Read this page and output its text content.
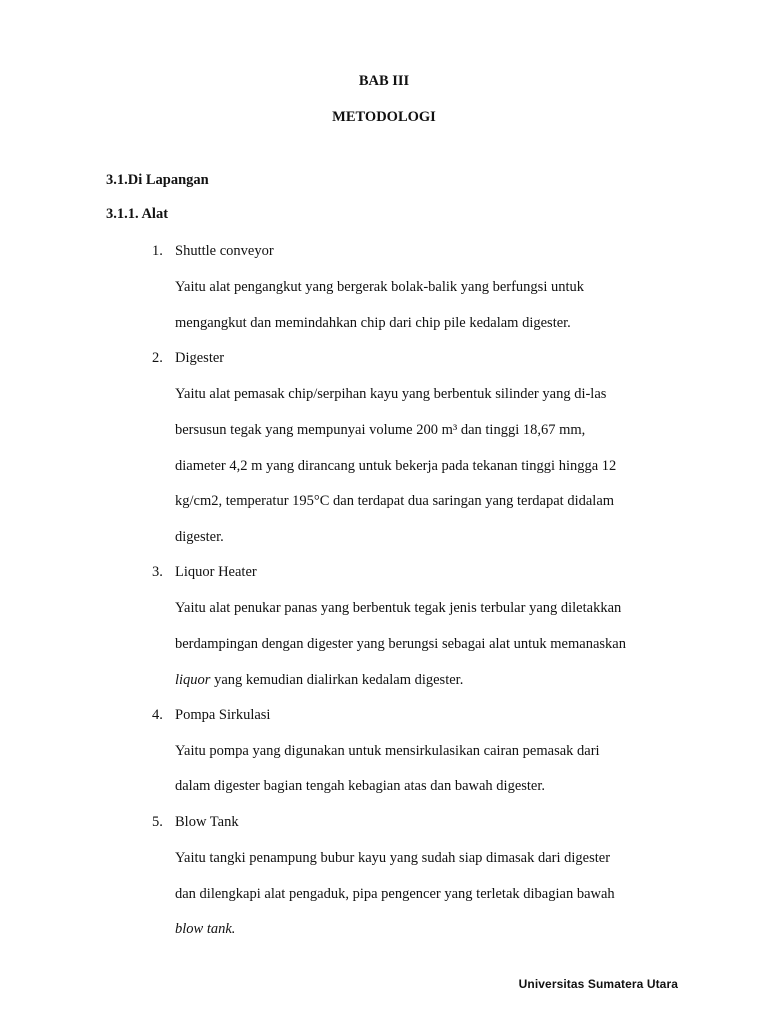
BAB III

METODOLOGI

3.1.Di Lapangan

3.1.1. Alat

1. Shuttle conveyor

Yaitu alat pengangkut yang bergerak bolak-balik yang berfungsi untuk

mengangkut dan memindahkan chip dari chip pile kedalam digester.

2. Digester

Yaitu alat pemasak chip/serpihan kayu yang berbentuk silinder yang di-las

bersusun tegak yang mempunyai volume 200 m³ dan tinggi 18,67 mm,

diameter 4,2 m yang dirancang untuk bekerja pada tekanan tinggi hingga 12

kg/cm2, temperatur 195°C dan terdapat dua saringan yang terdapat didalam

digester.

3. Liquor Heater

Yaitu alat penukar panas yang berbentuk tegak jenis terbular yang diletakkan

berdampingan dengan digester yang berungsi sebagai alat untuk memanaskan

liquor yang kemudian dialirkan kedalam digester.

4. Pompa Sirkulasi

Yaitu pompa yang digunakan untuk mensirkulasikan cairan pemasak dari

dalam digester bagian tengah kebagian atas dan bawah digester.

5. Blow Tank

Yaitu tangki penampung bubur kayu yang sudah siap dimasak dari digester

dan dilengkapi alat pengaduk, pipa pengencer yang terletak dibagian bawah

blow tank.

Universitas Sumatera Utara
